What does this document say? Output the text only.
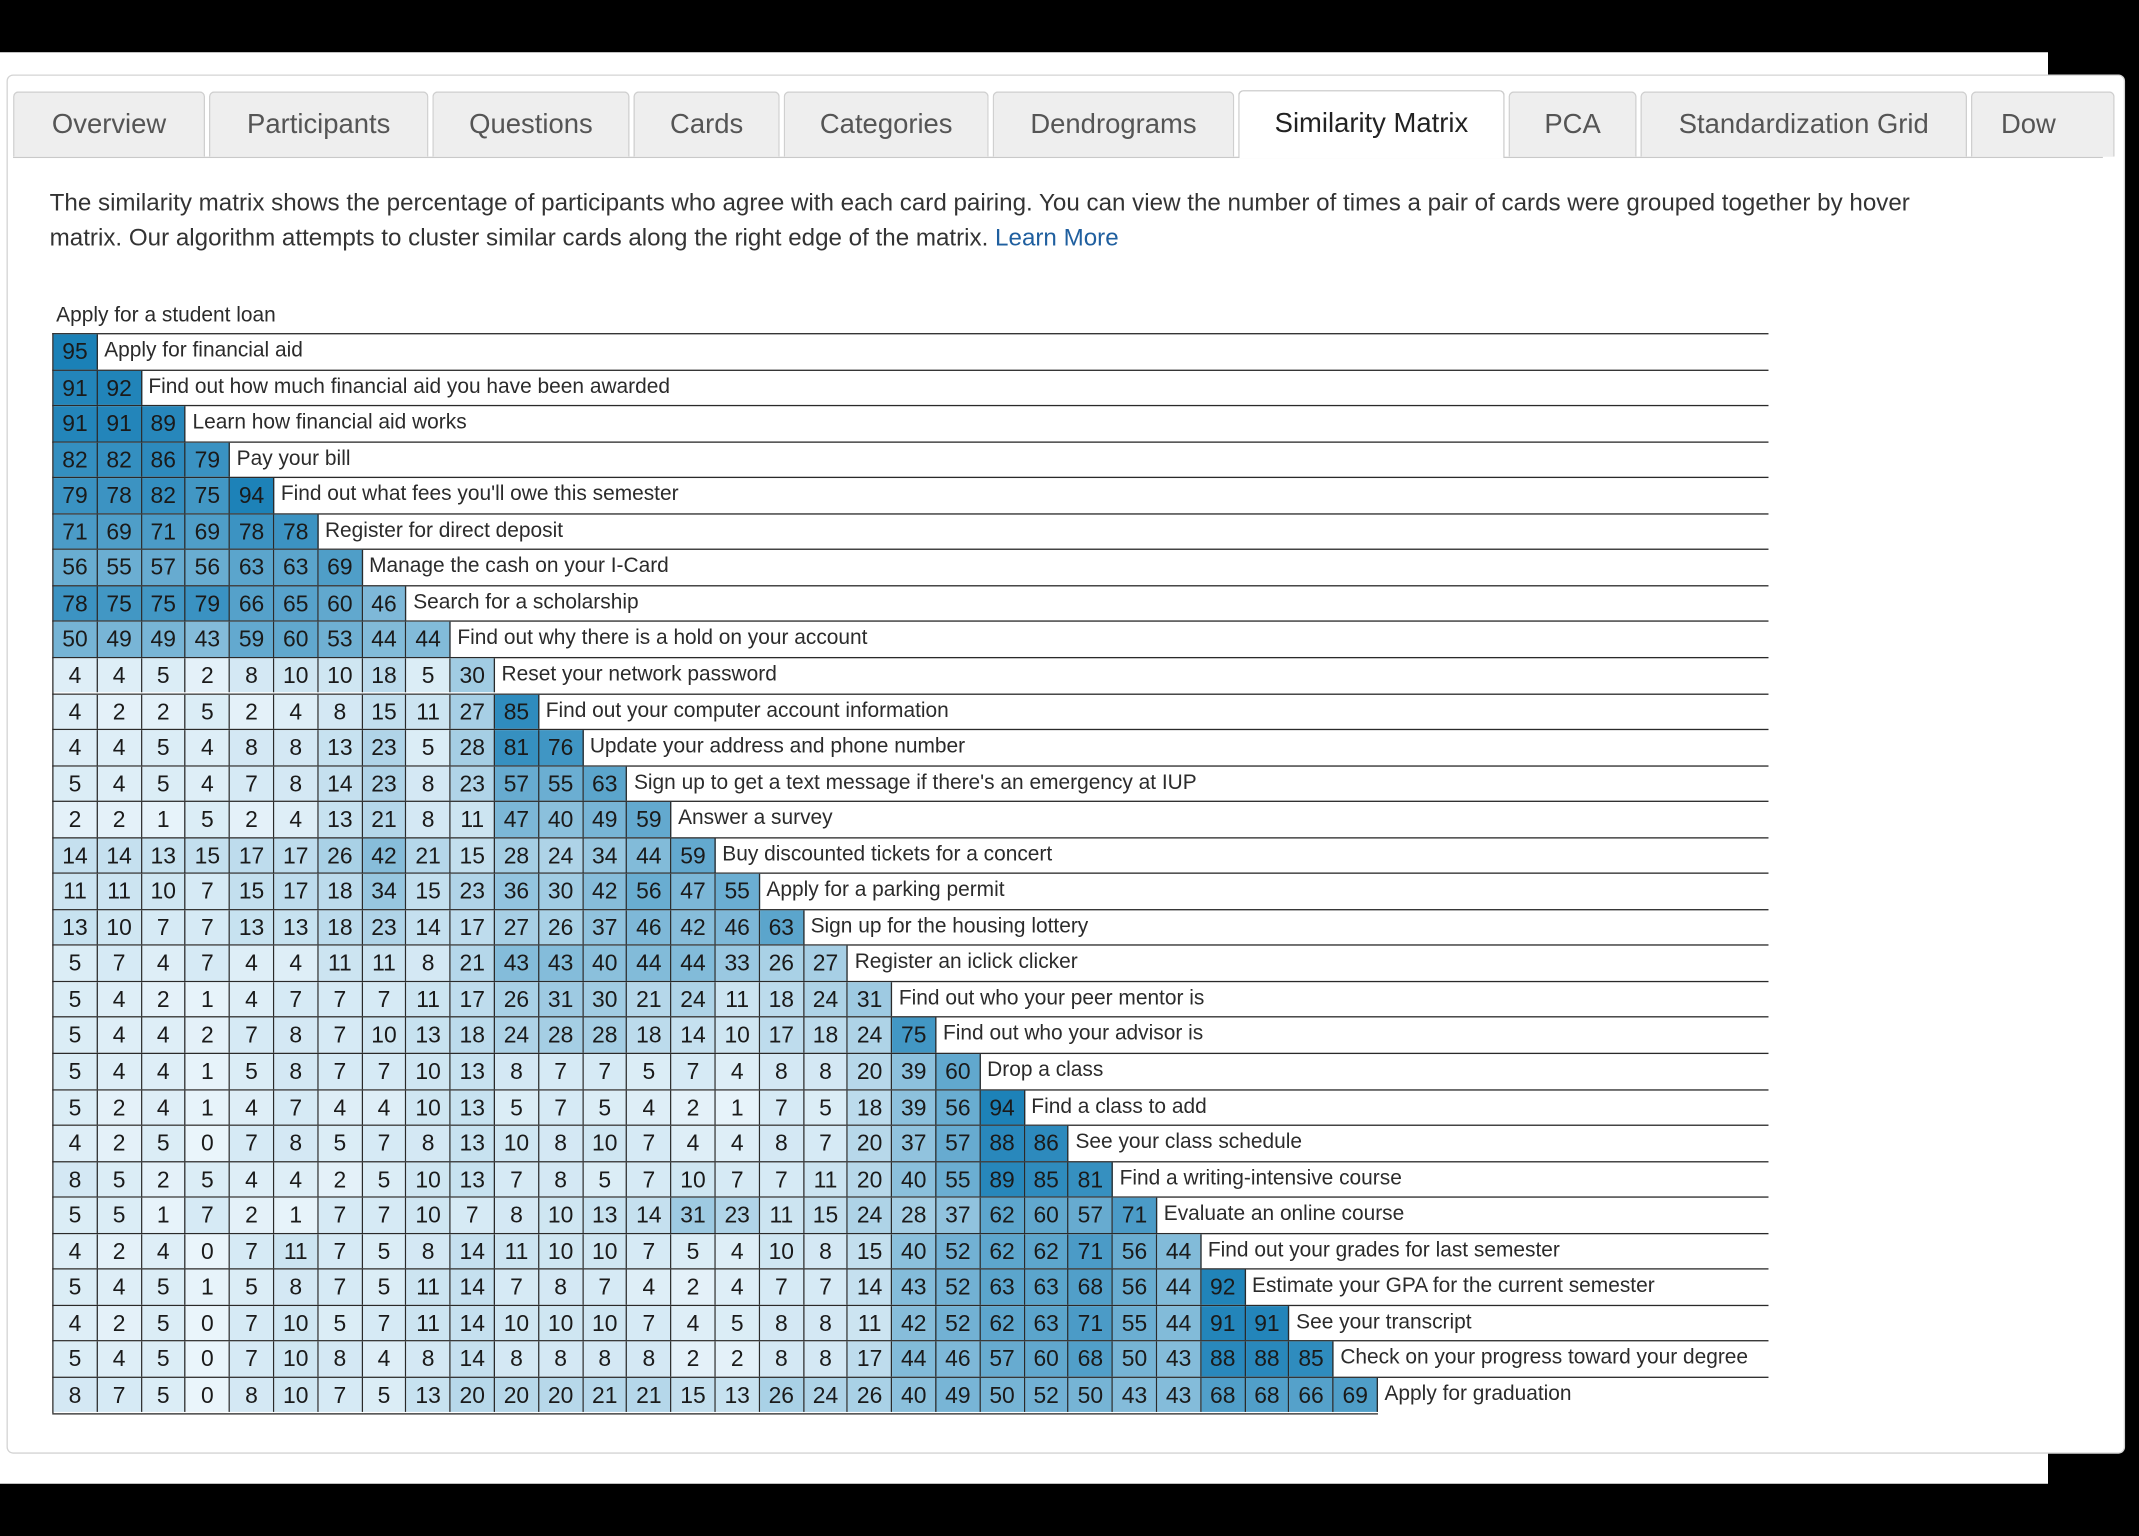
Overview	Participants	Questions	Cards	Categories	Dendrograms	Similarity Matrix	PCA	Standardization Grid	Dow
The similarity matrix shows the percentage of participants who agree with each card pairing. You can view the number of times a pair of cards were grouped together by hover
matrix. Our algorithm attempts to cluster similar cards along the right edge of the matrix. Learn More
Apply for a student loan
95	Apply for financial aid
91	92	Find out how much financial aid you have been awarded
91	91	89	Learn how financial aid works
82	82	86	79	Pay your bill
79	78	82	75	94	Find out what fees you'll owe this semester
71	69	71	69	78	78	Register for direct deposit
56	55	57	56	63	63	69	Manage the cash on your I-Card
78	75	75	79	66	65	60	46	Search for a scholarship
50	49	49	43	59	60	53	44	44	Find out why there is a hold on your account
4	4	5	2	8	10	10	18	5	30	Reset your network password
4	2	2	5	2	4	8	15	11	27	85	Find out your computer account information
4	4	5	4	8	8	13	23	5	28	81	76	Update your address and phone number
5	4	5	4	7	8	14	23	8	23	57	55	63	Sign up to get a text message if there's an emergency at IUP
2	2	1	5	2	4	13	21	8	11	47	40	49	59	Answer a survey
14	14	13	15	17	17	26	42	21	15	28	24	34	44	59	Buy discounted tickets for a concert
11	11	10	7	15	17	18	34	15	23	36	30	42	56	47	55	Apply for a parking permit
13	10	7	7	13	13	18	23	14	17	27	26	37	46	42	46	63	Sign up for the housing lottery
5	7	4	7	4	4	11	11	8	21	43	43	40	44	44	33	26	27	Register an iclick clicker
5	4	2	1	4	7	7	7	11	17	26	31	30	21	24	11	18	24	31	Find out who your peer mentor is
5	4	4	2	7	8	7	10	13	18	24	28	28	18	14	10	17	18	24	75	Find out who your advisor is
5	4	4	1	5	8	7	7	10	13	8	7	7	5	7	4	8	8	20	39	60	Drop a class
5	2	4	1	4	7	4	4	10	13	5	7	5	4	2	1	7	5	18	39	56	94	Find a class to add
4	2	5	0	7	8	5	7	8	13	10	8	10	7	4	4	8	7	20	37	57	88	86	See your class schedule
8	5	2	5	4	4	2	5	10	13	7	8	5	7	10	7	7	11	20	40	55	89	85	81	Find a writing-intensive course
5	5	1	7	2	1	7	7	10	7	8	10	13	14	31	23	11	15	24	28	37	62	60	57	71	Evaluate an online course
4	2	4	0	7	11	7	5	8	14	11	10	10	7	5	4	10	8	15	40	52	62	62	71	56	44	Find out your grades for last semester
5	4	5	1	5	8	7	5	11	14	7	8	7	4	2	4	7	7	14	43	52	63	63	68	56	44	92	Estimate your GPA for the current semester
4	2	5	0	7	10	5	7	11	14	10	10	10	7	4	5	8	8	11	42	52	62	63	71	55	44	91	91	See your transcript
5	4	5	0	7	10	8	4	8	14	8	8	8	8	2	2	8	8	17	44	46	57	60	68	50	43	88	88	85	Check on your progress toward your degree
8	7	5	0	8	10	7	5	13	20	20	20	21	21	15	13	26	24	26	40	49	50	52	50	43	43	68	68	66	69	Apply for graduation
